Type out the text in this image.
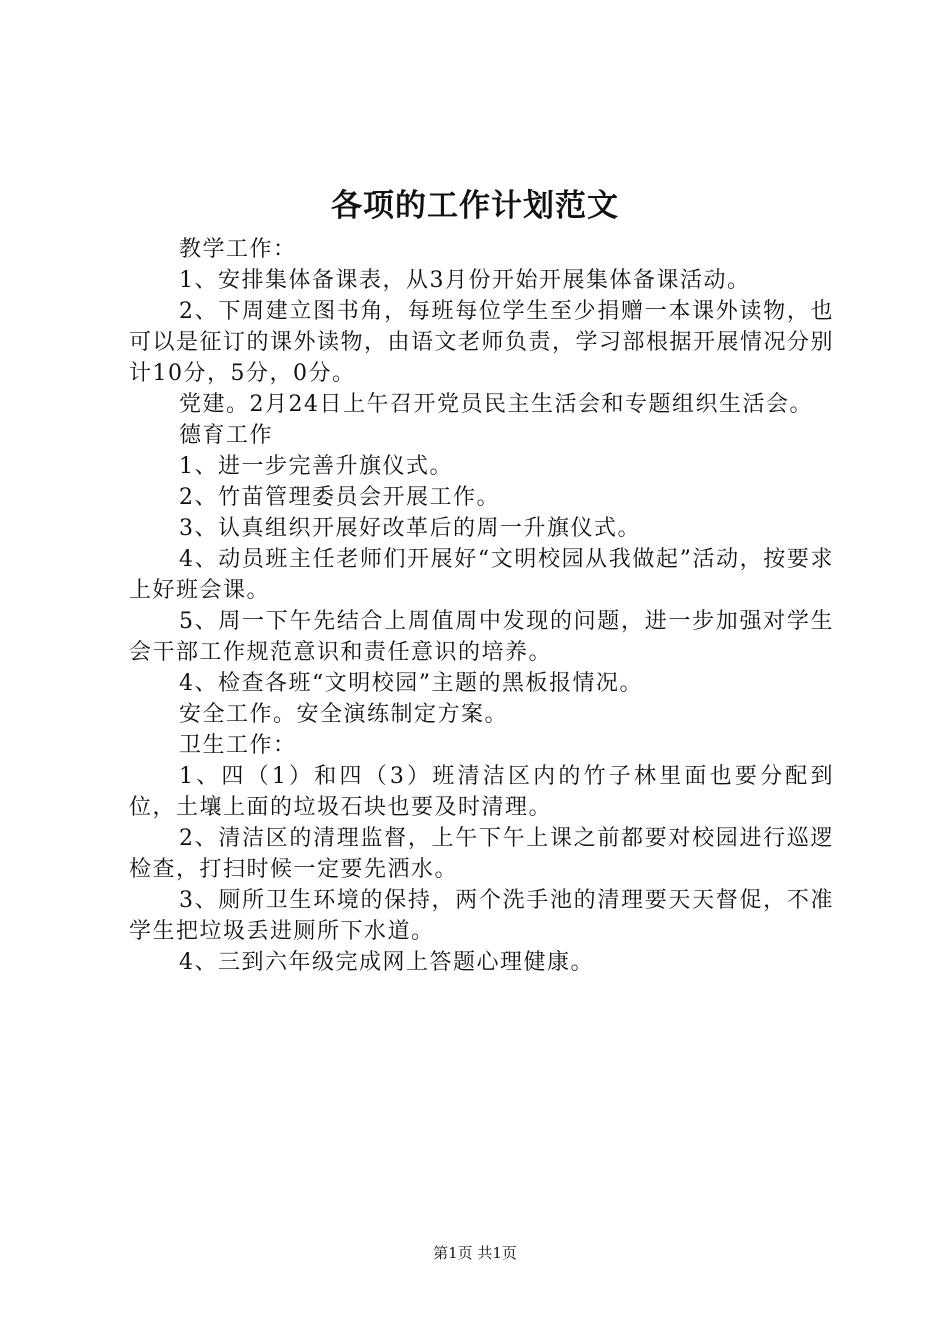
各项的工作计划范文

教学工作：

1、安排集体备课表，从3月份开始开展集体备课活动。

2、下周建立图书角，每班每位学生至少捐赠一本课外读物，也可以是征订的课外读物，由语文老师负责，学习部根据开展情况分别计10分，5分，0分。

党建。2月24日上午召开党员民主生活会和专题组织生活会。

德育工作

1、进一步完善升旗仪式。

2、竹苗管理委员会开展工作。

3、认真组织开展好改革后的周一升旗仪式。

4、动员班主任老师们开展好“文明校园从我做起”活动，按要求上好班会课。

5、周一下午先结合上周值周中发现的问题，进一步加强对学生会干部工作规范意识和责任意识的培养。

4、检查各班“文明校园”主题的黑板报情况。

安全工作。安全演练制定方案。

卫生工作：

1、四（1）和四（3）班清洁区内的竹子林里面也要分配到位，土壤上面的垃圾石块也要及时清理。

2、清洁区的清理监督，上午下午上课之前都要对校园进行巡逻检查，打扫时候一定要先洒水。

3、厕所卫生环境的保持，两个洗手池的清理要天天督促，不准学生把垃圾丢进厕所下水道。

4、三到六年级完成网上答题心理健康。

第1页 共1页
